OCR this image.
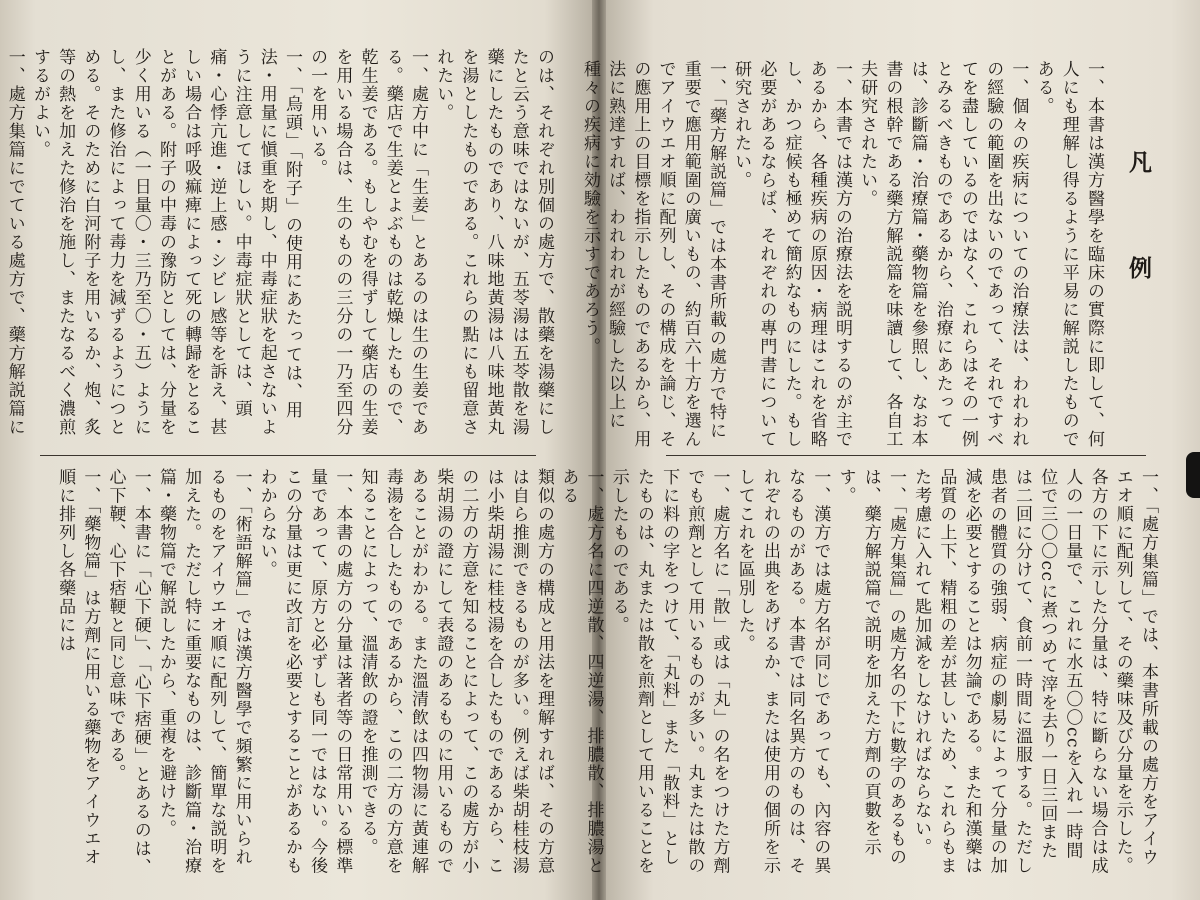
のは、それぞれ別個の處方で、散藥を湯藥にしたと云う意味ではないが、五苓湯は五苓散を湯藥にしたものであり、八味地黃湯は八味地黃丸を湯としたものである。これらの點にも留意されたい。

一、處方中に「生姜」とあるのは生の生姜である。藥店で生姜とよぶものは乾燥したもので、乾生姜である。もしやむを得ずして藥店の生姜を用いる場合は、生のものの三分の一乃至四分の一を用いる。

一、「烏頭」「附子」の使用にあたっては、用法・用量に愼重を期し、中毒症狀を起さないように注意してほしい。中毒症狀としては、頭痛・心悸亢進・逆上感・シビレ感等を訴え、甚しい場合は呼吸痲痺によって死の轉歸をとることがある。附子の中毒の豫防としては、分量を少く用いる（一日量〇・三乃至〇・五）ようにし、また修治によって毒力を減ずるようにつとめる。そのために白河附子を用いるか、炮、炙等の熱を加えた修治を施し、またなるべく濃煎するがよい。

一、處方集篇にでている處方で、藥方解説篇に

類似の處方の構成と用法を理解すれば、その方意は自ら推測できるものが多い。例えば柴胡桂枝湯は小柴胡湯に桂枝湯を合したものであるから、この二方の方意を知ることによって、この處方が小柴胡湯の證にして表證のあるものに用いるものであることがわかる。また溫清飲は四物湯に黃連解毒湯を合したものであるから、この二方の方意を知ることによって、溫清飲の證を推測できる。

一、本書の處方の分量は著者等の日常用いる標準量であって、原方と必ずしも同一ではない。今後この分量は更に改訂を必要とすることがあるかもわからない。

一、「術語解篇」では漢方醫學で頻繁に用いられるものをアイウエオ順に配列して、簡單な説明を加えた。ただし特に重要なものは、診斷篇・治療篇・藥物篇で解説したから、重複を避けた。

一、本書に「心下硬」、「心下痞硬」とあるのは、心下鞕、心下痞鞕と同じ意味である。

一、「藥物篇」は方劑に用いる藥物をアイウエオ順に排列し各藥品には

凡　例

一、本書は漢方醫學を臨床の實際に即して、何人にも理解し得るように平易に解説したものである。

一、個々の疾病についての治療法は、われわれの經驗の範圍を出ないのであって、それですべてを盡しているのではなく、これらはその一例とみるべきものであるから、治療にあたっては、診斷篇・治療篇・藥物篇を參照し、なお本書の根幹である藥方解説篇を味讀して、各自工夫研究されたい。

一、本書では漢方の治療法を説明するのが主であるから、各種疾病の原因・病理はこれを省略し、かつ症候も極めて簡約なものにした。もし必要があるならば、それぞれの專門書について研究されたい。

一、「藥方解説篇」では本書所載の處方で特に重要で應用範圍の廣いもの、約百六十方を選んでアイウエオ順に配列し、その構成を論じ、その應用上の目標を指示したものであるから、用法に熟達すれば、われわれが經驗した以上に種々の疾病に効驗を示すであろう。

一、「處方集篇」では、本書所載の處方をアイウエオ順に配列して、その藥味及び分量を示した。各方の下に示した分量は、特に斷らない場合は成人の一日量で、これに水五〇〇ccを入れ一時間位で三〇〇ccに煮つめて滓を去り一日三回または二回に分けて、食前一時間に溫服する。ただし患者の體質の強弱、病症の劇易によって分量の加減を必要とすることは勿論である。また和漢藥は品質の上下、精粗の差が甚しいため、これらもまた考慮に入れて匙加減をしなければならない。

一、「處方集篇」の處方名の下に數字のあるものは、藥方解説篇で説明を加えた方劑の頁數を示す。

一、漢方では處方名が同じであっても、內容の異なるものがある。本書では同名異方のものは、それぞれの出典をあげるか、または使用の個所を示してこれを區別した。

一、處方名に「散」或は「丸」の名をつけた方劑でも煎劑として用いるものが多い。丸または散の下に料の字をつけて、「丸料」また「散料」としたものは、丸または散を煎劑として用いることを示したものである。

一、處方名に四逆散、四逆湯、排膿散、排膿湯とある
